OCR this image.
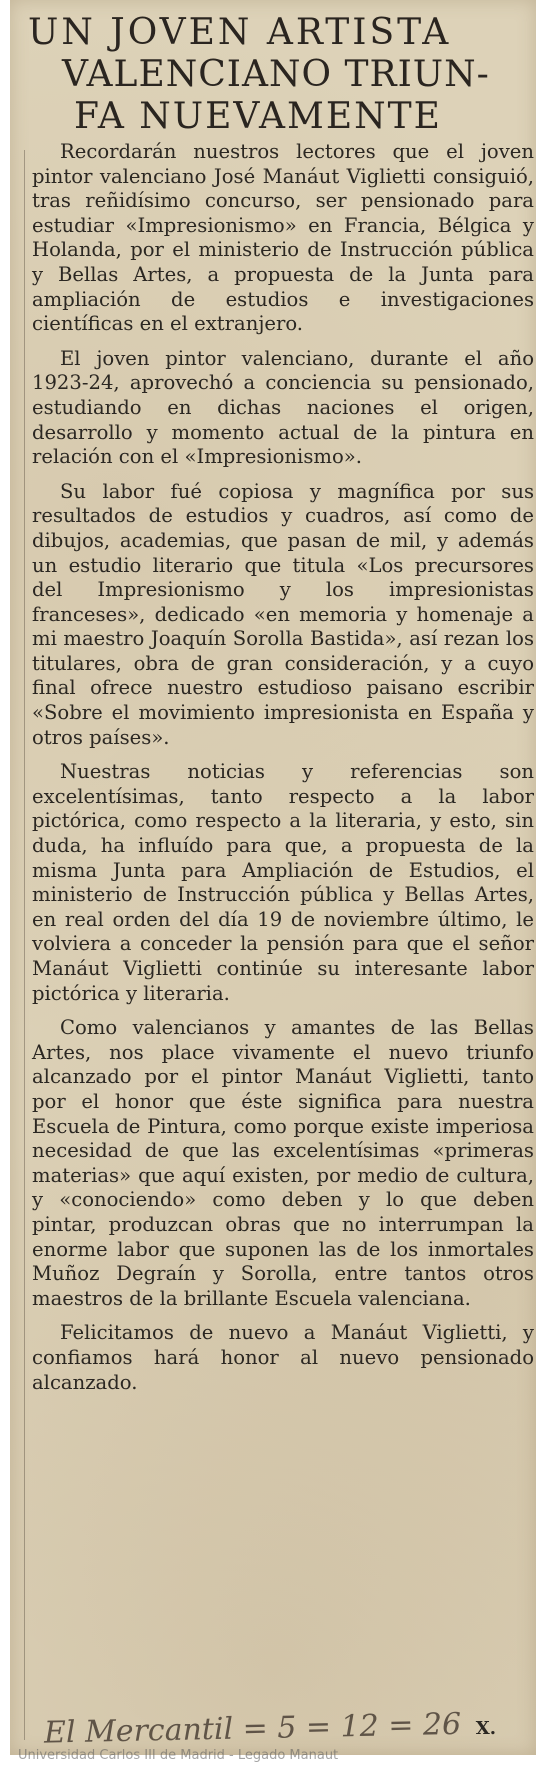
UN JOVEN ARTISTA
VALENCIANO TRIUN-
FA NUEVAMENTE

Recordarán nuestros lectores que el joven pintor valenciano José Manáut Viglietti consiguió, tras reñidísimo concurso, ser pensionado para estudiar «Impresionismo» en Francia, Bélgica y Holanda, por el ministerio de Instrucción pública y Bellas Artes, a propuesta de la Junta para ampliación de estudios e investigaciones científicas en el extranjero.

El joven pintor valenciano, durante el año 1923-24, aprovechó a conciencia su pensionado, estudiando en dichas naciones el origen, desarrollo y momento actual de la pintura en relación con el «Impresionismo».

Su labor fué copiosa y magnífica por sus resultados de estudios y cuadros, así como de dibujos, academias, que pasan de mil, y además un estudio literario que titula «Los precursores del Impresionismo y los impresionistas franceses», dedicado «en memoria y homenaje a mi maestro Joaquín Sorolla Bastida», así rezan los titulares, obra de gran consideración, y a cuyo final ofrece nuestro estudioso paisano escribir «Sobre el movimiento impresionista en España y otros países».

Nuestras noticias y referencias son excelentísimas, tanto respecto a la labor pictórica, como respecto a la literaria, y esto, sin duda, ha influído para que, a propuesta de la misma Junta para Ampliación de Estudios, el ministerio de Instrucción pública y Bellas Artes, en real orden del día 19 de noviembre último, le volviera a conceder la pensión para que el señor Manáut Viglietti continúe su interesante labor pictórica y literaria.

Como valencianos y amantes de las Bellas Artes, nos place vivamente el nuevo triunfo alcanzado por el pintor Manáut Viglietti, tanto por el honor que éste significa para nuestra Escuela de Pintura, como porque existe imperiosa necesidad de que las excelentísimas «primeras materias» que aquí existen, por medio de cultura, y «conociendo» como deben y lo que deben pintar, produzcan obras que no interrumpan la enorme labor que suponen las de los inmortales Muñoz Degraín y Sorolla, entre tantos otros maestros de la brillante Escuela valenciana.

Felicitamos de nuevo a Manáut Viglietti, y confiamos hará honor al nuevo pensionado alcanzado.

El Mercantil = 5 = 12 = 26 X.
Universidad Carlos III de Madrid - Legado Manaut
